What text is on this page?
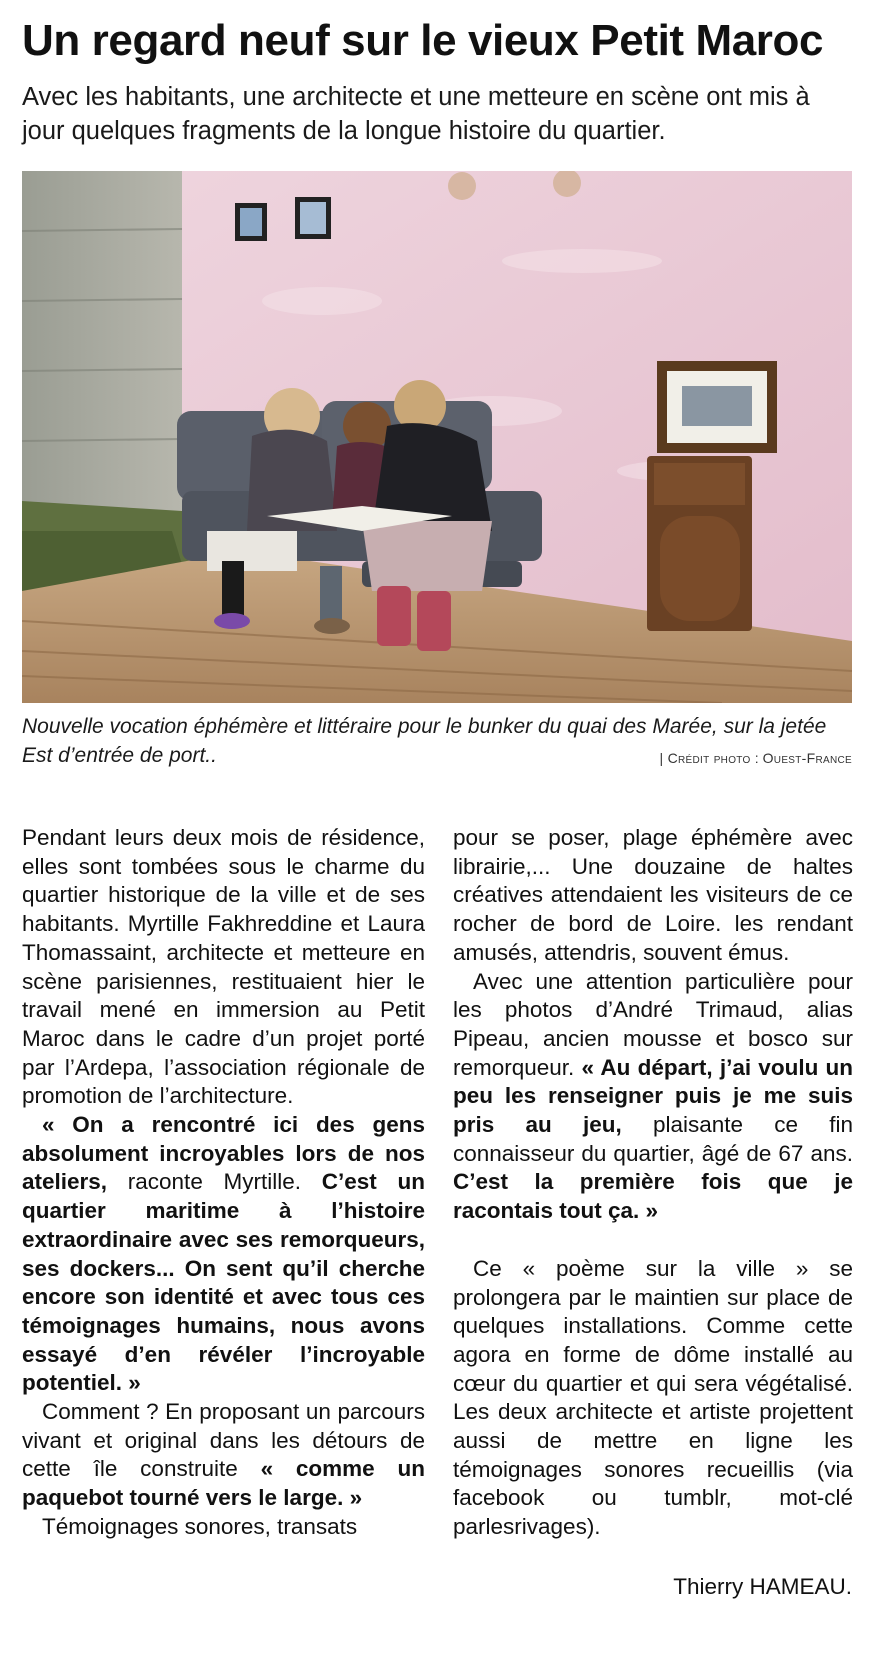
Un regard neuf sur le vieux Petit Maroc

Avec les habitants, une architecte et une metteure en scène ont mis à jour quelques fragments de la longue histoire du quartier.

Nouvelle vocation éphémère et littéraire pour le bunker du quai des Marée, sur la jetée Est d’entrée de port..	| Crédit photo : Ouest-France

Pendant leurs deux mois de résidence, elles sont tombées sous le charme du quartier historique de la ville et de ses habitants. Myrtille Fakhreddine et Laura Thomassaint, architecte et metteure en scène parisiennes, restituaient hier le travail mené en immersion au Petit Maroc dans le cadre d’un projet porté par l’Ardepa, l’association régionale de promotion de l’architecture.

« On a rencontré ici des gens absolument incroyables lors de nos ateliers, raconte Myrtille. C’est un quartier maritime à l’histoire extraordinaire avec ses remorqueurs, ses dockers... On sent qu’il cherche encore son identité et avec tous ces témoignages humains, nous avons essayé d’en révéler l’incroyable potentiel. »

Comment ? En proposant un parcours vivant et original dans les détours de cette île construite « comme un paquebot tourné vers le large. »

Témoignages sonores, transats

pour se poser, plage éphémère avec librairie,... Une douzaine de haltes créatives attendaient les visiteurs de ce rocher de bord de Loire. les rendant amusés, attendris, souvent émus.

Avec une attention particulière pour les photos d’André Trimaud, alias Pipeau, ancien mousse et bosco sur remorqueur. « Au départ, j’ai voulu un peu les renseigner puis je me suis pris au jeu, plaisante ce fin connaisseur du quartier, âgé de 67 ans. C’est la première fois que je racontais tout ça. »

Ce « poème sur la ville » se prolongera par le maintien sur place de quelques installations. Comme cette agora en forme de dôme installé au cœur du quartier et qui sera végétalisé. Les deux architecte et artiste projettent aussi de mettre en ligne les témoignages sonores recueillis (via facebook ou tumblr, mot-clé parlesrivages).

Thierry HAMEAU.
